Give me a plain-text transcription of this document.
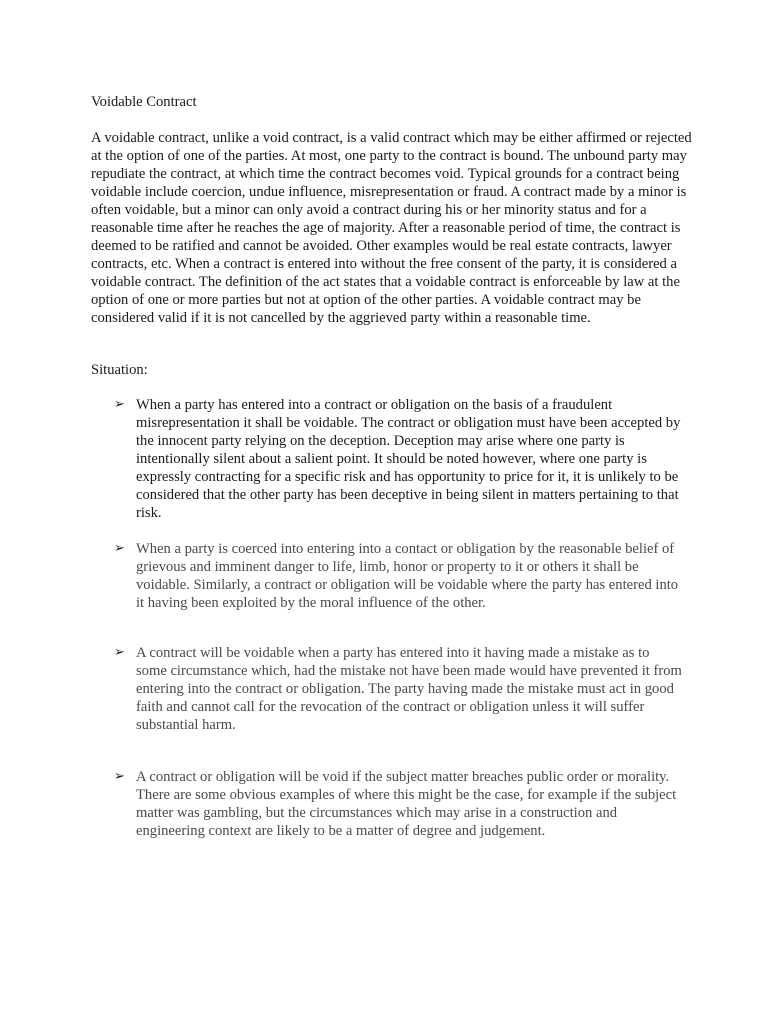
Voidable Contract

A voidable contract, unlike a void contract, is a valid contract which may be either affirmed or rejected at the option of one of the parties. At most, one party to the contract is bound. The unbound party may repudiate the contract, at which time the contract becomes void. Typical grounds for a contract being voidable include coercion, undue influence, misrepresentation or fraud. A contract made by a minor is often voidable, but a minor can only avoid a contract during his or her minority status and for a reasonable time after he reaches the age of majority. After a reasonable period of time, the contract is deemed to be ratified and cannot be avoided. Other examples would be real estate contracts, lawyer contracts, etc. When a contract is entered into without the free consent of the party, it is considered a voidable contract. The definition of the act states that a voidable contract is enforceable by law at the option of one or more parties but not at option of the other parties. A voidable contract may be considered valid if it is not cancelled by the aggrieved party within a reasonable time.

Situation:

➢ When a party has entered into a contract or obligation on the basis of a fraudulent misrepresentation it shall be voidable. The contract or obligation must have been accepted by the innocent party relying on the deception. Deception may arise where one party is intentionally silent about a salient point. It should be noted however, where one party is expressly contracting for a specific risk and has opportunity to price for it, it is unlikely to be considered that the other party has been deceptive in being silent in matters pertaining to that risk.

➢ When a party is coerced into entering into a contact or obligation by the reasonable belief of grievous and imminent danger to life, limb, honor or property to it or others it shall be voidable. Similarly, a contract or obligation will be voidable where the party has entered into it having been exploited by the moral influence of the other.

➢ A contract will be voidable when a party has entered into it having made a mistake as to some circumstance which, had the mistake not have been made would have prevented it from entering into the contract or obligation. The party having made the mistake must act in good faith and cannot call for the revocation of the contract or obligation unless it will suffer substantial harm.

➢ A contract or obligation will be void if the subject matter breaches public order or morality. There are some obvious examples of where this might be the case, for example if the subject matter was gambling, but the circumstances which may arise in a construction and engineering context are likely to be a matter of degree and judgement.
